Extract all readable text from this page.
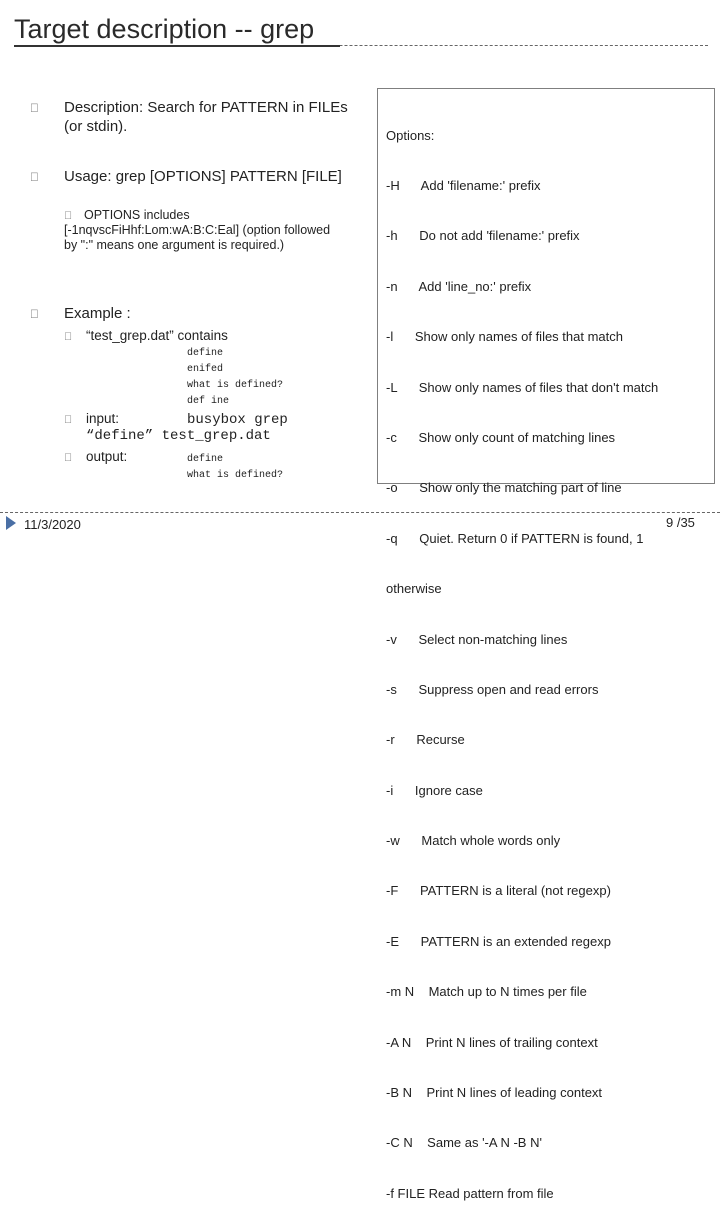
Target description -- grep
Description: Search for PATTERN in FILEs (or stdin).
Usage: grep [OPTIONS] PATTERN [FILE]
OPTIONS includes [-1nqvscFiHhf:Lom:wA:B:C:Eal] (option followed by ":" means one argument is required.)
Example :
“test_grep.dat” contains
define
enifed
what is defined?
def ine
input:	busybox grep
“define” test_grep.dat
output:	define
what is defined?

Options:

-H      Add 'filename:' prefix

-h      Do not add 'filename:' prefix

-n      Add 'line_no:' prefix

-l      Show only names of files that match

-L      Show only names of files that don't match

-c      Show only count of matching lines

-o      Show only the matching part of line

-q      Quiet. Return 0 if PATTERN is found, 1

otherwise

-v      Select non-matching lines

-s      Suppress open and read errors

-r      Recurse

-i      Ignore case

-w      Match whole words only

-F      PATTERN is a literal (not regexp)

-E      PATTERN is an extended regexp

-m N    Match up to N times per file

-A N    Print N lines of trailing context

-B N    Print N lines of leading context

-C N    Same as '-A N -B N'

-f FILE Read pattern from file

11/3/2020	9 /35
